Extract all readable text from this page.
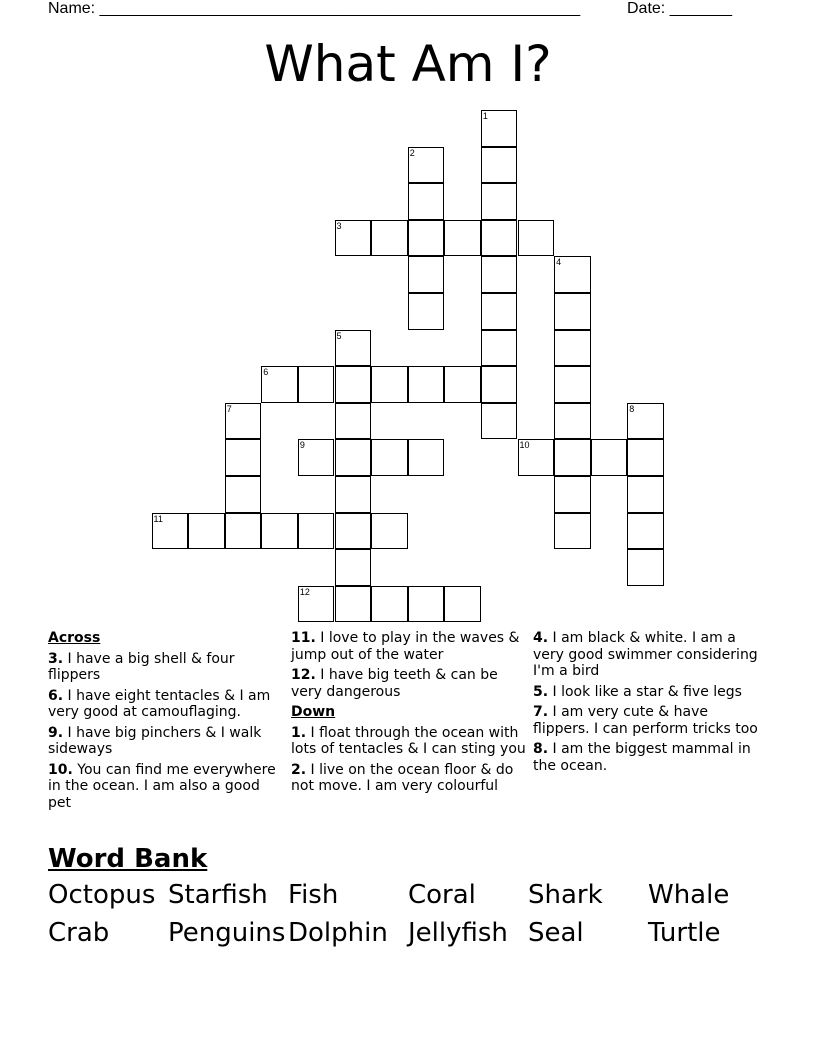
Name: ______________________________________________________	Date: _______
What Am I?
1
2
3
4
5
6
7	8
9	10
11
12
Across
3. I have a big shell & four flippers
6. I have eight tentacles & I am very good at camouflaging.
9. I have big pinchers & I walk sideways
10. You can find me everywhere in the ocean. I am also a good pet
11. I love to play in the waves & jump out of the water
12. I have big teeth & can be very dangerous
Down
1. I float through the ocean with lots of tentacles & I can sting you
2. I live on the ocean floor & do not move. I am very colourful
4. I am black & white. I am a very good swimmer considering I'm a bird
5. I look like a star & five legs
7. I am very cute & have flippers. I can perform tricks too
8. I am the biggest mammal in the ocean.
Word Bank
Octopus Starfish Fish	Coral	Shark	Whale
Crab	Penguins Dolphin Jellyfish Seal	Turtle
